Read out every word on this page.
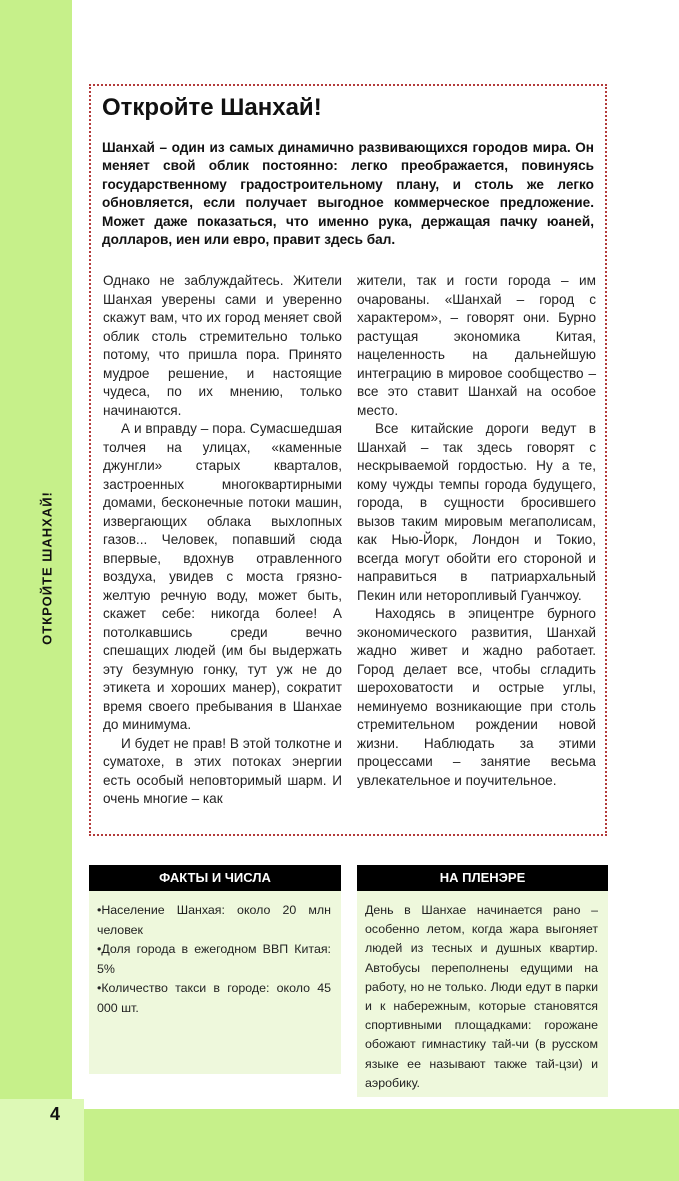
ОТКРОЙТЕ ШАНХАЙ!
4
Откройте Шанхай!

Шанхай – один из самых динамично развивающихся городов мира. Он меняет свой облик постоянно: легко преображается, повинуясь государственному градостроительному плану, и столь же легко обновляется, если получает выгодное коммерческое предложение. Может даже показаться, что именно рука, держащая пачку юаней, долларов, иен или евро, правит здесь бал.

Однако не заблуждайтесь. Жители Шанхая уверены сами и уверенно скажут вам, что их город меняет свой облик столь стремительно только потому, что пришла пора. Принято мудрое решение, и настоящие чудеса, по их мнению, только начинаются.

А и вправду – пора. Сумасшедшая толчея на улицах, «каменные джунгли» старых кварталов, застроенных многоквартирными домами, бесконечные потоки машин, извергающих облака выхлопных газов... Человек, попавший сюда впервые, вдохнув отравленного воздуха, увидев с моста грязно-желтую речную воду, может быть, скажет себе: никогда более! А потолкавшись среди вечно спешащих людей (им бы выдержать эту безумную гонку, тут уж не до этикета и хороших манер), сократит время своего пребывания в Шанхае до минимума.

И будет не прав! В этой толкотне и суматохе, в этих потоках энергии есть особый неповторимый шарм. И очень многие – как

жители, так и гости города – им очарованы. «Шанхай – город с характером», – говорят они. Бурно растущая экономика Китая, нацеленность на дальнейшую интеграцию в мировое сообщество – все это ставит Шанхай на особое место.

Все китайские дороги ведут в Шанхай – так здесь говорят с нескрываемой гордостью. Ну а те, кому чужды темпы города будущего, города, в сущности бросившего вызов таким мировым мегаполисам, как Нью-Йорк, Лондон и Токио, всегда могут обойти его стороной и направиться в патриархальный Пекин или неторопливый Гуанчжоу.

Находясь в эпицентре бурного экономического развития, Шанхай жадно живет и жадно работает. Город делает все, чтобы сгладить шероховатости и острые углы, неминуемо возникающие при столь стремительном рождении новой жизни. Наблюдать за этими процессами – занятие весьма увлекательное и поучительное.

ФАКТЫ И ЧИСЛА

•Население Шанхая: около 20 млн человек

•Доля города в ежегодном ВВП Китая: 5%

•Количество такси в городе: около 45 000 шт.

НА ПЛЕНЭРЕ

День в Шанхае начинается рано – особенно летом, когда жара выгоняет людей из тесных и душных квартир. Автобусы переполнены едущими на работу, но не только. Люди едут в парки и к набережным, которые становятся спортивными площадками: горожане обожают гимнастику тай-чи (в русском языке ее называют также тай-цзи) и аэробику.
